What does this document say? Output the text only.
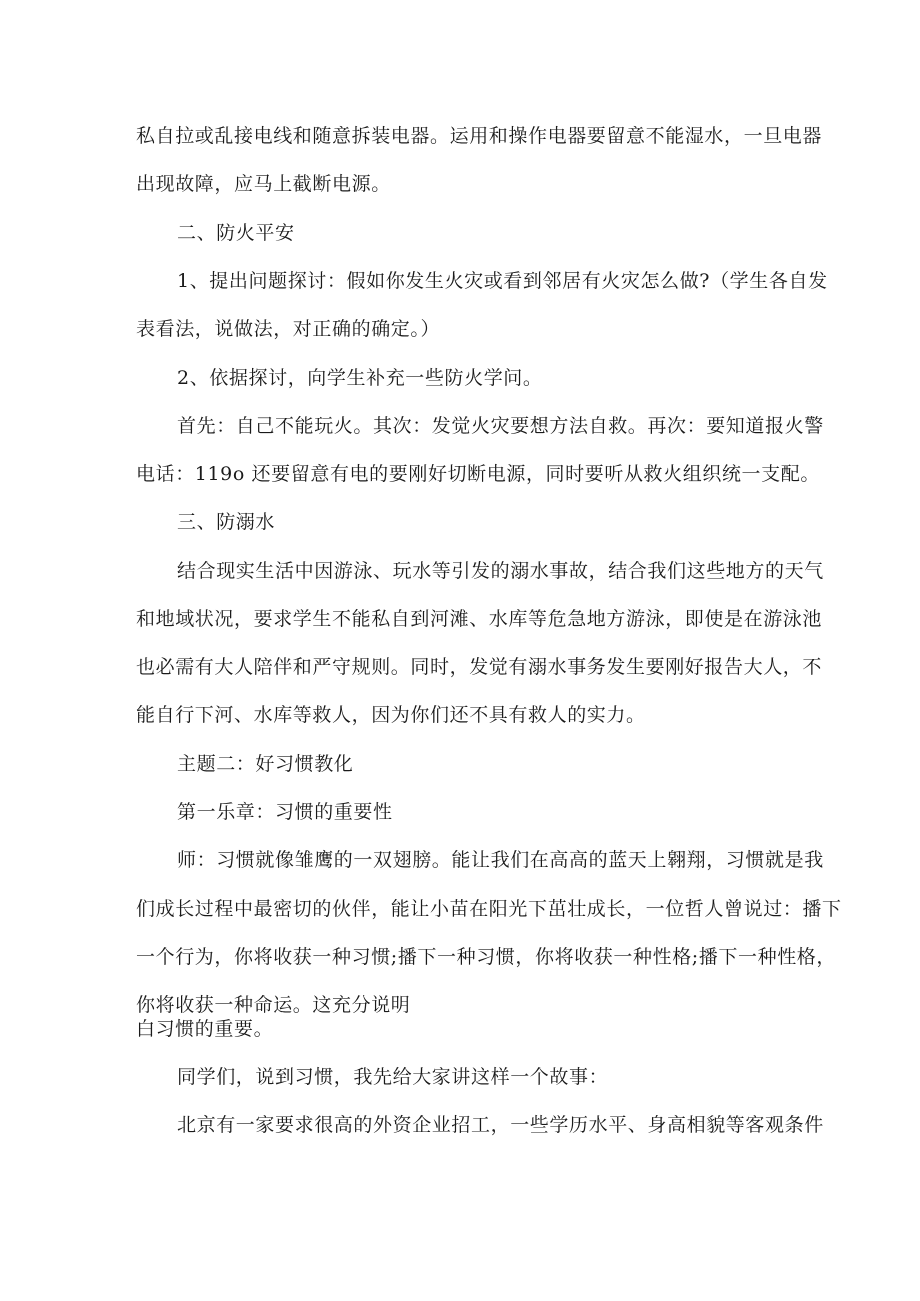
私自拉或乱接电线和随意拆装电器。运用和操作电器要留意不能湿水，一旦电器
出现故障，应马上截断电源。
二、防火平安
1、提出问题探讨：假如你发生火灾或看到邻居有火灾怎么做?（学生各自发
表看法，说做法，对正确的确定。）
2、依据探讨，向学生补充一些防火学问。
首先：自己不能玩火。其次：发觉火灾要想方法自救。再次：要知道报火警
电话：119o 还要留意有电的要刚好切断电源，同时要听从救火组织统一支配。
三、防溺水
结合现实生活中因游泳、玩水等引发的溺水事故，结合我们这些地方的天气
和地域状况，要求学生不能私自到河滩、水库等危急地方游泳，即使是在游泳池
也必需有大人陪伴和严守规则。同时，发觉有溺水事务发生要刚好报告大人，不
能自行下河、水库等救人，因为你们还不具有救人的实力。
主题二：好习惯教化
第一乐章：习惯的重要性
师：习惯就像雏鹰的一双翅膀。能让我们在高高的蓝天上翱翔，习惯就是我
们成长过程中最密切的伙伴，能让小苗在阳光下茁壮成长，一位哲人曾说过：播下
一个行为，你将收获一种习惯;播下一种习惯，你将收获一种性格;播下一种性格，
你将收获一种命运。这充分说明
白习惯的重要。
同学们，说到习惯，我先给大家讲这样一个故事：
北京有一家要求很高的外资企业招工，一些学历水平、身高相貌等客观条件
